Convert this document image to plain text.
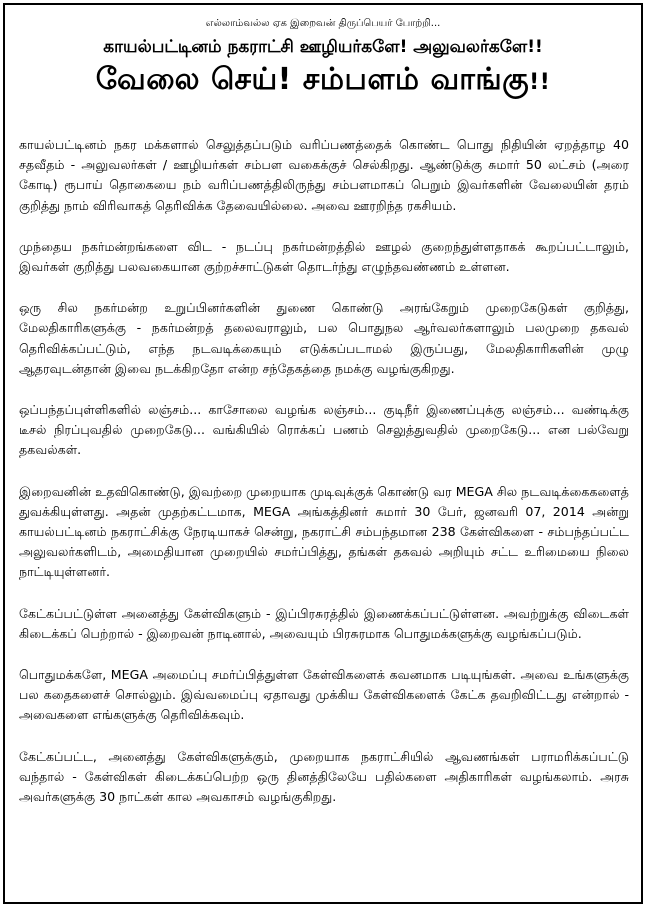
எல்லாம்வல்ல ஏக இறைவன் திருப்பெயர் போற்றி...
காயல்பட்டினம் நகராட்சி ஊழியர்களே! அலுவலர்களே!!
வேலை செய்! சம்பளம் வாங்கு!!

காயல்பட்டினம் நகர மக்களால் செலுத்தப்படும் வரிப்பணத்தைக் கொண்ட பொது நிதியின் ஏறத்தாழ 40 சதவீதம் - அலுவலர்கள் / ஊழியர்கள் சம்பள வகைக்குச் செல்கிறது. ஆண்டுக்கு சுமார் 50 லட்சம் (அரை கோடி) ரூபாய் தொகையை நம் வரிப்பணத்திலிருந்து சம்பளமாகப் பெறும் இவர்களின் வேலையின் தரம் குறித்து நாம் விரிவாகத் தெரிவிக்க தேவையில்லை. அவை ஊரறிந்த ரகசியம்.

முந்தைய நகர்மன்றங்களை விட - நடப்பு நகர்மன்றத்தில் ஊழல் குறைந்துள்ளதாகக் கூறப்பட்டாலும், இவர்கள் குறித்து பலவகையான குற்றச்சாட்டுகள் தொடர்ந்து எழுந்தவண்ணம் உள்ளன.

ஒரு சில நகர்மன்ற உறுப்பினர்களின் துணை கொண்டு அரங்கேறும் முறைகேடுகள் குறித்து, மேலதிகாரிகளுக்கு - நகர்மன்றத் தலைவராலும், பல பொதுநல ஆர்வலர்களாலும் பலமுறை தகவல் தெரிவிக்கப்பட்டும், எந்த நடவடிக்கையும் எடுக்கப்படாமல் இருப்பது, மேலதிகாரிகளின் முழு ஆதரவுடன்தான் இவை நடக்கிறதோ என்ற சந்தேகத்தை நமக்கு வழங்குகிறது.

ஒப்பந்தப்புள்ளிகளில் லஞ்சம்... காசோலை வழங்க லஞ்சம்... குடிநீர் இணைப்புக்கு லஞ்சம்... வண்டிக்கு டீசல் நிரப்புவதில் முறைகேடு... வங்கியில் ரொக்கப் பணம் செலுத்துவதில் முறைகேடு... என பல்வேறு தகவல்கள்.

இறைவனின் உதவிகொண்டு, இவற்றை முறையாக முடிவுக்குக் கொண்டு வர MEGA சில நடவடிக்கைகளைத் துவக்கியுள்ளது. அதன் முதற்கட்டமாக, MEGA அங்கத்தினர் சுமார் 30 பேர், ஜனவரி 07, 2014 அன்று காயல்பட்டினம் நகராட்சிக்கு நேரடியாகச் சென்று, நகராட்சி சம்பந்தமான 238 கேள்விகளை - சம்பந்தப்பட்ட அலுவலர்களிடம், அமைதியான முறையில் சமர்ப்பித்து, தங்கள் தகவல் அறியும் சட்ட உரிமையை நிலை நாட்டியுள்ளனர்.

கேட்கப்பட்டுள்ள அனைத்து கேள்விகளும் - இப்பிரசுரத்தில் இணைக்கப்பட்டுள்ளன. அவற்றுக்கு விடைகள் கிடைக்கப் பெற்றால் - இறைவன் நாடினால், அவையும் பிரசுரமாக பொதுமக்களுக்கு வழங்கப்படும்.

பொதுமக்களே, MEGA அமைப்பு சமர்ப்பித்துள்ள கேள்விகளைக் கவனமாக படியுங்கள். அவை உங்களுக்கு பல கதைகளைச் சொல்லும். இவ்வமைப்பு ஏதாவது முக்கிய கேள்விகளைக் கேட்க தவறிவிட்டது என்றால் - அவைகளை எங்களுக்கு தெரிவிக்கவும்.

கேட்கப்பட்ட, அனைத்து கேள்விகளுக்கும், முறையாக நகராட்சியில் ஆவணங்கள் பராமரிக்கப்பட்டு வந்தால் - கேள்விகள் கிடைக்கப்பெற்ற ஒரு தினத்திலேயே பதில்களை அதிகாரிகள் வழங்கலாம். அரசு அவர்களுக்கு 30 நாட்கள் கால அவகாசம் வழங்குகிறது.
